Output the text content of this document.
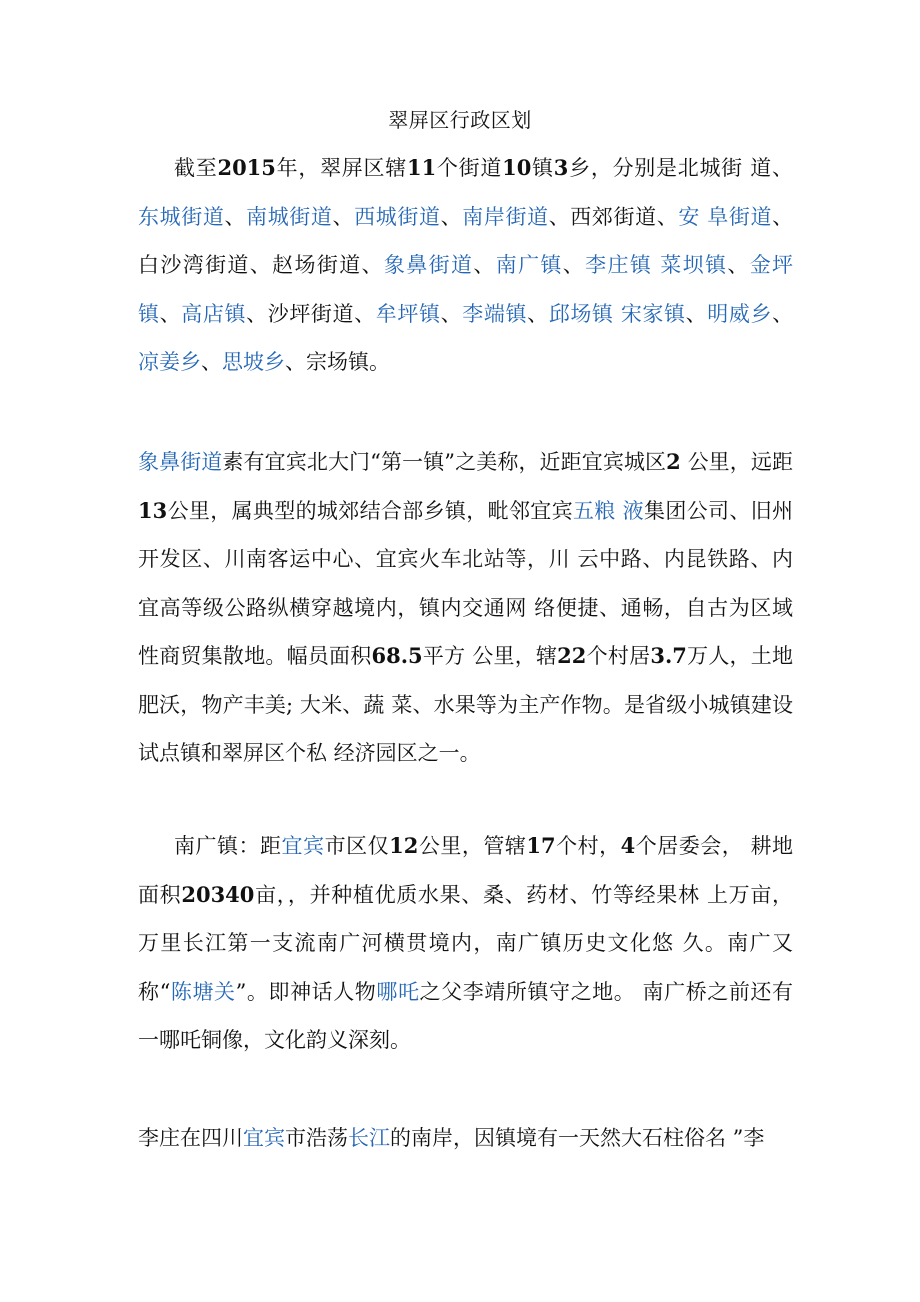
翠屏区行政区划
截至2015年，翠屏区辖11个街道10镇3乡，分别是北城街 道、东城街道、南城街道、西城街道、南岸街道、西郊街道、安 阜街道、白沙湾街道、赵场街道、象鼻街道、南广镇、李庄镇 菜坝镇、金坪镇、高店镇、沙坪街道、牟坪镇、李端镇、邱场镇 宋家镇、明威乡、凉姜乡、思坡乡、宗场镇。
象鼻街道素有宜宾北大门“第一镇”之美称，近距宜宾城区2 公里，远距13公里，属典型的城郊结合部乡镇，毗邻宜宾五粮 液集团公司、旧州开发区、川南客运中心、宜宾火车北站等，川 云中路、内昆铁路、内宜高等级公路纵横穿越境内，镇内交通网 络便捷、通畅，自古为区域性商贸集散地。幅员面积68.5平方 公里，辖22个村居3.7万人，土地肥沃，物产丰美; 大米、蔬 菜、水果等为主产作物。是省级小城镇建设试点镇和翠屏区个私 经济园区之一。
南广镇：距宜宾市区仅12公里，管辖17个村，4个居委会， 耕地面积20340亩，，并种植优质水果、桑、药材、竹等经果林 上万亩，万里长江第一支流南广河横贯境内，南广镇历史文化悠 久。南广又称“陈塘关”。即神话人物哪吒之父李靖所镇守之地。 南广桥之前还有一哪吒铜像，文化韵义深刻。
李庄在四川宜宾市浩荡长江的南岸，因镇境有一天然大石柱俗名 ”李
